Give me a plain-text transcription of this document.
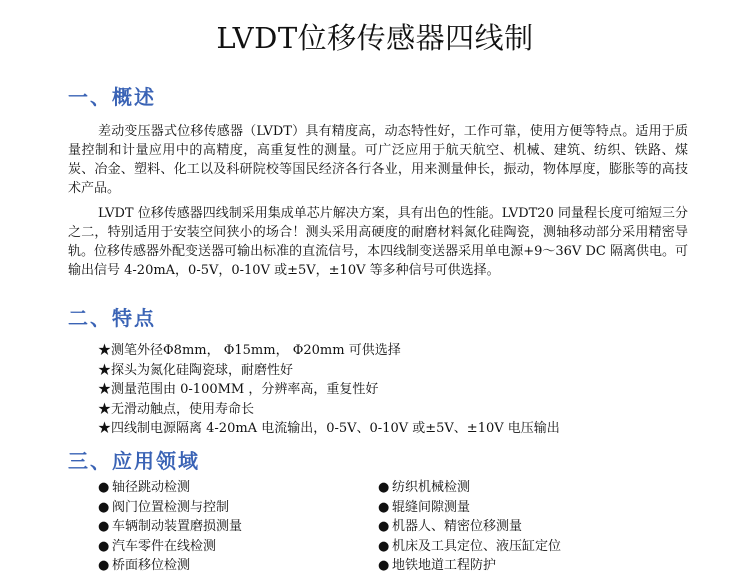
LVDT位移传感器四线制
一、概述

差动变压器式位移传感器（LVDT）具有精度高，动态特性好，工作可靠，使用方便等特点。适用于质量控制和计量应用中的高精度，高重复性的测量。可广泛应用于航天航空、机械、建筑、纺织、铁路、煤炭、冶金、塑料、化工以及科研院校等国民经济各行各业，用来测量伸长，振动，物体厚度，膨胀等的高技术产品。

LVDT 位移传感器四线制采用集成单芯片解决方案，具有出色的性能。LVDT20 同量程长度可缩短三分之二，特别适用于安装空间狭小的场合！测头采用高硬度的耐磨材料氮化硅陶瓷，测轴移动部分采用精密导轨。位移传感器外配变送器可输出标准的直流信号，本四线制变送器采用单电源+9～36V DC 隔离供电。可输出信号 4-20mA，0-5V，0-10V 或±5V，±10V 等多种信号可供选择。

二、特点
★测笔外径Φ8mm， Φ15mm， Φ20mm 可供选择
★探头为氮化硅陶瓷球，耐磨性好
★测量范围由 0-100MM ，分辨率高，重复性好
★无滑动触点，使用寿命长
★四线制电源隔离 4-20mA 电流输出，0-5V、0-10V 或±5V、±10V 电压输出
三、应用领域
● 轴径跳动检测
● 阀门位置检测与控制
● 车辆制动装置磨损测量
● 汽车零件在线检测
● 桥面移位检测
● 纺织机械检测
● 辊缝间隙测量
● 机器人、精密位移测量
● 机床及工具定位、液压缸定位
● 地铁地道工程防护
